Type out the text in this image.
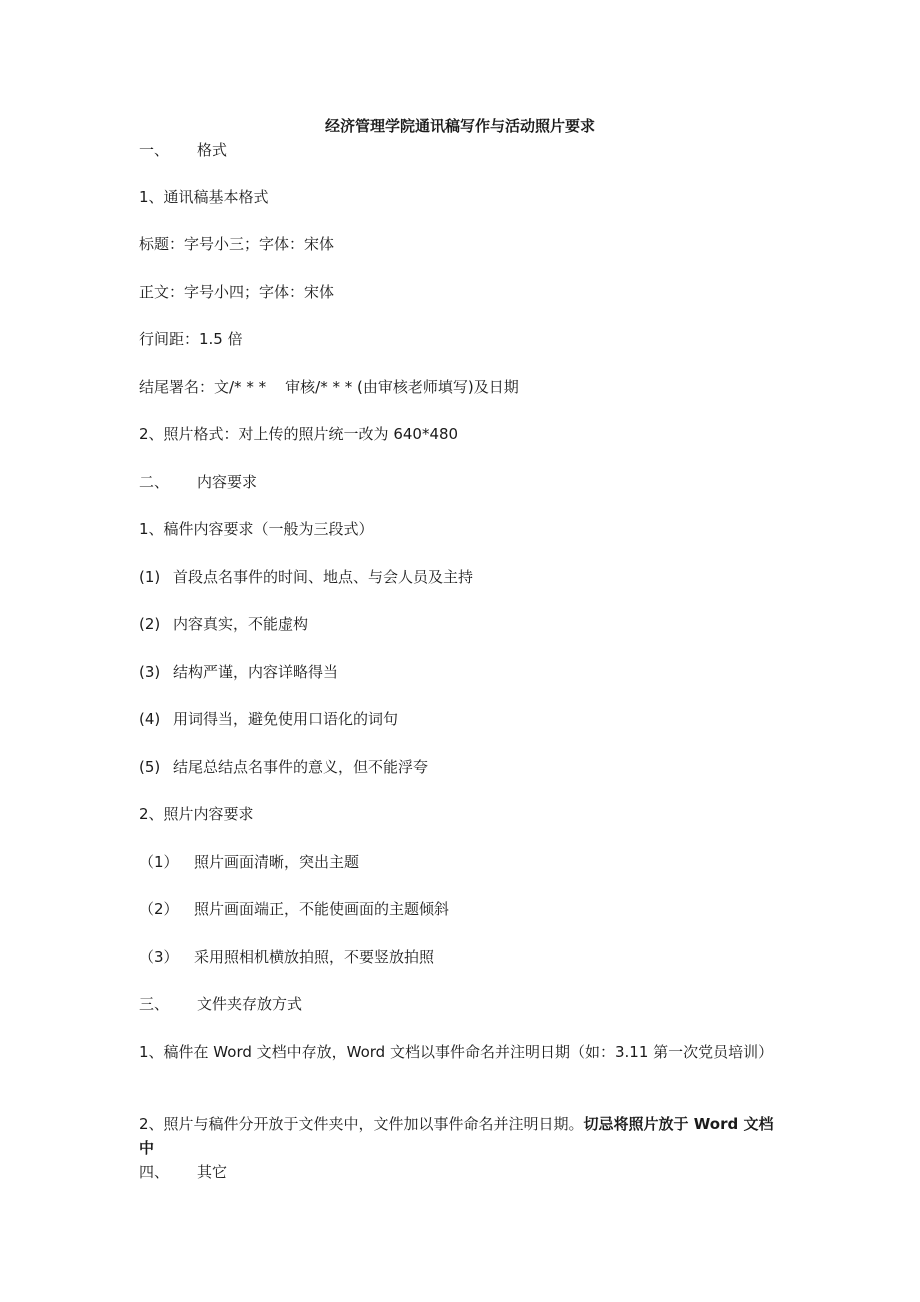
经济管理学院通讯稿写作与活动照片要求
一、 格式
1、通讯稿基本格式
标题：字号小三；字体：宋体
正文：字号小四；字体：宋体
行间距：1.5 倍
结尾署名：文/* * *    审核/* * * (由审核老师填写)及日期
2、照片格式：对上传的照片统一改为 640*480
二、 内容要求
1、稿件内容要求（一般为三段式）
(1) 首段点名事件的时间、地点、与会人员及主持
(2) 内容真实，不能虚构
(3) 结构严谨，内容详略得当
(4) 用词得当，避免使用口语化的词句
(5) 结尾总结点名事件的意义，但不能浮夸
2、照片内容要求
（1） 照片画面清晰，突出主题
（2） 照片画面端正，不能使画面的主题倾斜
（3） 采用照相机横放拍照，不要竖放拍照
三、 文件夹存放方式
1、稿件在 Word 文档中存放，Word 文档以事件命名并注明日期（如：3.11 第一次党员培训）
2、照片与稿件分开放于文件夹中，文件加以事件命名并注明日期。切忌将照片放于 Word 文档中
四、 其它
